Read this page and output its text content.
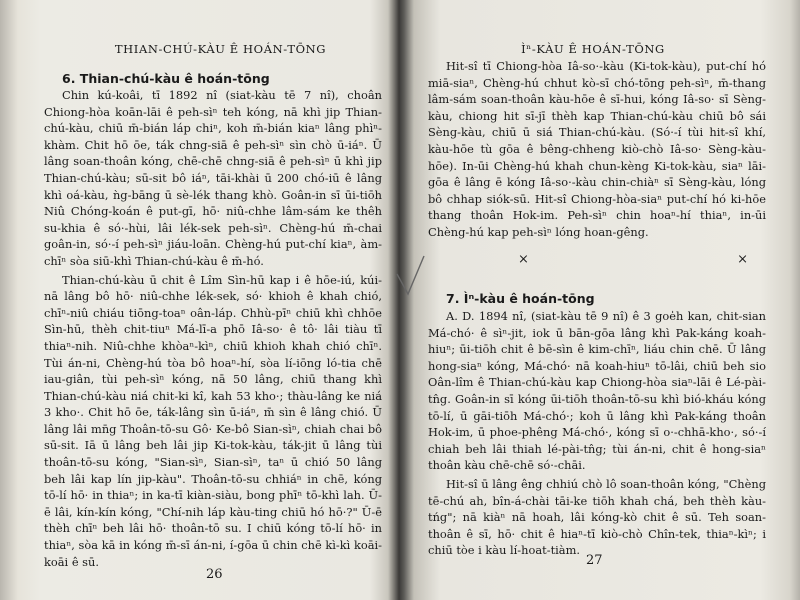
THIAN-CHÚ-KÀU Ê HOÁN-TŌNG
6. Thian-chú-kàu ê hoán-tōng

Chin kú-koâi, tī 1892 nî (siat-kàu tē 7 nî), choân Chiong-hòa koān-lāi ê peh-sìⁿ teh kóng, nā khì jip Thian-chú-kàu, chiū m̄-bián láp chiⁿ, koh m̄-bián kiaⁿ lâng phìⁿ-khàm. Chit hō ōe, ták chng-siā ê peh-sìⁿ sìn chò ū-iáⁿ. Ū lâng soan-thoân kóng, chē-chē chng-siā ê peh-sìⁿ ū khì jip Thian-chú-kàu; sū-sit bô iáⁿ, tāi-khài ū 200 chó-iū ê lâng khì oá-kàu, ǹg-bāng ū sè-lék thang khò. Goân-in sī ūi-tiōh Niû Chóng-koán ê put-gī, hō· niû-chhe lâm-sám ke thêh su-khia ê só·-hùi, lâi lék-sek peh-sìⁿ. Chèng-hú m̄-chai goân-in, só·-í peh-sìⁿ jiáu-loān. Chèng-hú put-chí kiaⁿ, àm-chīⁿ sòa siū-khì Thian-chú-kàu ê m̄-hó.

Thian-chú-kàu ū chit ê Lîm Sìn-hū kap i ê hōe-iú, kúi-nā lâng bô hō· niû-chhe lék-sek, só· khioh ê khah chió, chīⁿ-niû chiáu tiōng-toaⁿ oân-láp. Chhù-pīⁿ chiū khì chhōe Sìn-hū, thèh chit-tiuⁿ Má-lī-a phō Iâ-so· ê tô· lâi tiàu tī thiaⁿ-nih. Niû-chhe khòaⁿ-kìⁿ, chiū khioh khah chió chīⁿ. Tùi án-ni, Chèng-hú tòa bô hoaⁿ-hí, sòa lí-iōng ló-tia chē iau-giân, tùi peh-sìⁿ kóng, nā 50 lâng, chiū thang khì Thian-chú-kàu niá chit-ki kî, kah 53 kho·; thàu-lâng ke niá 3 kho·. Chit hō ōe, ták-lâng sìn ū-iáⁿ, m̄ sìn ê lâng chió. Ū lâng lâi mn̄g Thoân-tō-su Gô· Ke-bô Sian-sìⁿ, chiah chai bô sū-sit. Iā ū lâng beh lâi jip Ki-tok-kàu, ták-jit ū lâng tùi thoân-tō-su kóng, "Sian-sìⁿ, Sian-sìⁿ, taⁿ ū chió 50 lâng beh lâi kap lín jip-kàu". Thoân-tō-su chhiáⁿ in chē, kóng tō-lí hō· in thiaⁿ; in ka-tī kiàn-siàu, bong phīⁿ tō-khì lah. Ū-ē lâi, kín-kín kóng, "Chí-nih láp kàu-ting chiū hó hō·?" Ū-ē thèh chīⁿ beh lâi hō· thoân-tō su. I chiū kóng tō-lí hō· in thiaⁿ, sòa kā in kóng m̄-sī án-ni, í-gōa ū chin chē kì-kì koāi-koāi ê sū.

26
Ìⁿ-KÀU Ê HOÁN-TŌNG

Hit-sî tī Chiong-hòa Iâ-so·-kàu (Ki-tok-kàu), put-chí hó miā-siaⁿ, Chèng-hú chhut kò-sī chó-tōng peh-sìⁿ, m̄-thang lâm-sám soan-thoân kàu-hōe ê sī-hui, kóng Iâ-so· sī Sèng-kàu, chiong hit sī-jī thèh kap Thian-chú-kàu chiū bô sái Sèng-kàu, chiū ū siá Thian-chú-kàu. (Só·-í tùi hit-sî khí, kàu-hōe tù gōa ê bêng-chheng kiò-chò Iâ-so· Sèng-kàu-hōe). In-ūi Chèng-hú khah chun-kèng Ki-tok-kàu, siaⁿ lāi-gōa ê lâng ē kóng Iâ-so·-kàu chin-chiàⁿ sī Sèng-kàu, lóng bô chhap siók-sū. Hit-sî Chiong-hòa-siaⁿ put-chí hó ki-hōe thang thoân Hok-im. Peh-sìⁿ chin hoaⁿ-hí thiaⁿ, in-ūi Chèng-hú kap peh-sìⁿ lóng hoan-gêng.

×	×
7. Ìⁿ-kàu ê hoán-tōng

A. D. 1894 nî, (siat-kàu tē 9 nî) ê 3 goe̍h kan, chit-sian Má-chó· ê sìⁿ-jit, iok ū bān-gōa lâng khì Pak-káng koah-hiuⁿ; ūi-tiōh chit ê bē-sìn ê kim-chīⁿ, liáu chin chē. Ū lâng hong-siaⁿ kóng, Má-chó· nā koah-hiuⁿ tō-lâi, chiū beh sio Oân-lîm ê Thian-chú-kàu kap Chiong-hòa siaⁿ-lāi ê Lé-pài-tn̂g. Goân-in sī kóng ūi-tiōh thoân-tō-su khì bió-kháu kóng tō-lí, ū gāi-tiōh Má-chó·; koh ū lâng khì Pak-káng thoân Hok-im, ū phoe-phêng Má-chó·, kóng sī o·-chhā-kho·, só·-í chiah beh lâi thiah lé-pài-tn̂g; tùi án-ni, chit ê hong-siaⁿ thoân kàu chē-chē só·-chāi.

Hit-sî ū lâng êng chhiú chò lô soan-thoân kóng, "Chèng tē-chú ah, bîn-á-chài tāi-ke tiōh khah chá, beh thèh kàu-tńg"; nā kiàⁿ nā hoah, lâi kóng-kò chit ê sū. Teh soan-thoân ê sī, hō· chit ê hiaⁿ-tī kiò-chò Chîn-tek, thiaⁿ-kìⁿ; i chiū tòe i kàu lí-hoat-tiàm.

27
